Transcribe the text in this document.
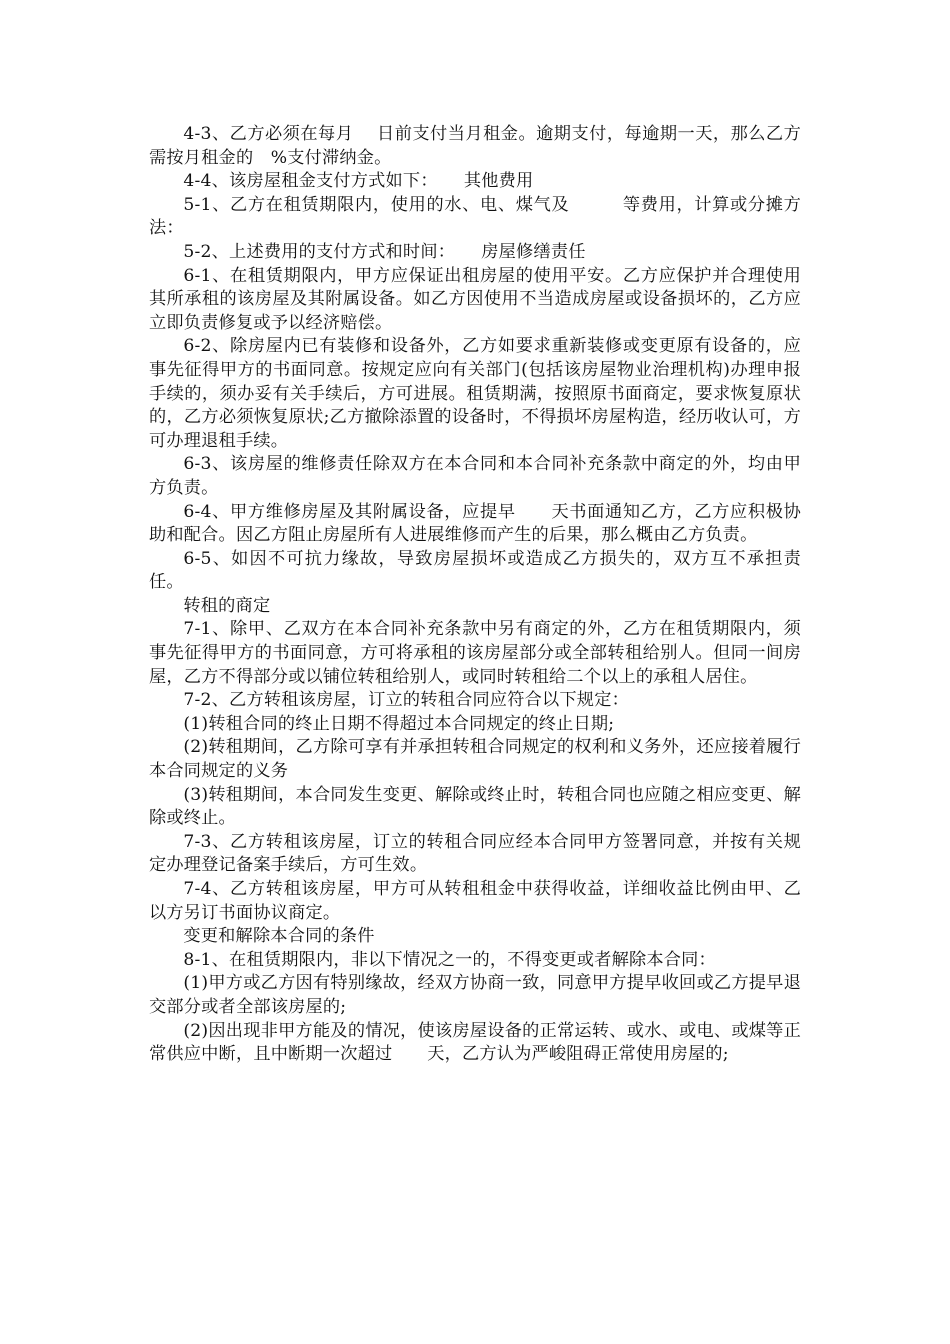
4-3、乙方必须在每月　 日前支付当月租金。逾期支付，每逾期一天，那么乙方需按月租金的　%支付滞纳金。

4-4、该房屋租金支付方式如下：　　其他费用

5-1、乙方在租赁期限内，使用的水、电、煤气及　　　等费用，计算或分摊方法：

5-2、上述费用的支付方式和时间：　　房屋修缮责任

6-1、在租赁期限内，甲方应保证出租房屋的使用平安。乙方应保护并合理使用其所承租的该房屋及其附属设备。如乙方因使用不当造成房屋或设备损坏的，乙方应立即负责修复或予以经济赔偿。

6-2、除房屋内已有装修和设备外，乙方如要求重新装修或变更原有设备的，应事先征得甲方的书面同意。按规定应向有关部门(包括该房屋物业治理机构)办理申报手续的，须办妥有关手续后，方可进展。租赁期满，按照原书面商定，要求恢复原状的，乙方必须恢复原状;乙方撤除添置的设备时，不得损坏房屋构造，经历收认可，方可办理退租手续。

6-3、该房屋的维修责任除双方在本合同和本合同补充条款中商定的外，均由甲方负责。

6-4、甲方维修房屋及其附属设备，应提早　　天书面通知乙方，乙方应积极协助和配合。因乙方阻止房屋所有人进展维修而产生的后果，那么概由乙方负责。

6-5、如因不可抗力缘故，导致房屋损坏或造成乙方损失的，双方互不承担责任。

转租的商定

7-1、除甲、乙双方在本合同补充条款中另有商定的外，乙方在租赁期限内，须事先征得甲方的书面同意，方可将承租的该房屋部分或全部转租给别人。但同一间房屋，乙方不得部分或以铺位转租给别人，或同时转租给二个以上的承租人居住。

7-2、乙方转租该房屋，订立的转租合同应符合以下规定：

(1)转租合同的终止日期不得超过本合同规定的终止日期;

(2)转租期间，乙方除可享有并承担转租合同规定的权利和义务外，还应接着履行本合同规定的义务

(3)转租期间，本合同发生变更、解除或终止时，转租合同也应随之相应变更、解除或终止。

7-3、乙方转租该房屋，订立的转租合同应经本合同甲方签署同意，并按有关规定办理登记备案手续后，方可生效。

7-4、乙方转租该房屋，甲方可从转租租金中获得收益，详细收益比例由甲、乙以方另订书面协议商定。

变更和解除本合同的条件

8-1、在租赁期限内，非以下情况之一的，不得变更或者解除本合同：

(1)甲方或乙方因有特别缘故，经双方协商一致，同意甲方提早收回或乙方提早退交部分或者全部该房屋的;

(2)因出现非甲方能及的情况，使该房屋设备的正常运转、或水、或电、或煤等正常供应中断，且中断期一次超过　　天，乙方认为严峻阻碍正常使用房屋的;
